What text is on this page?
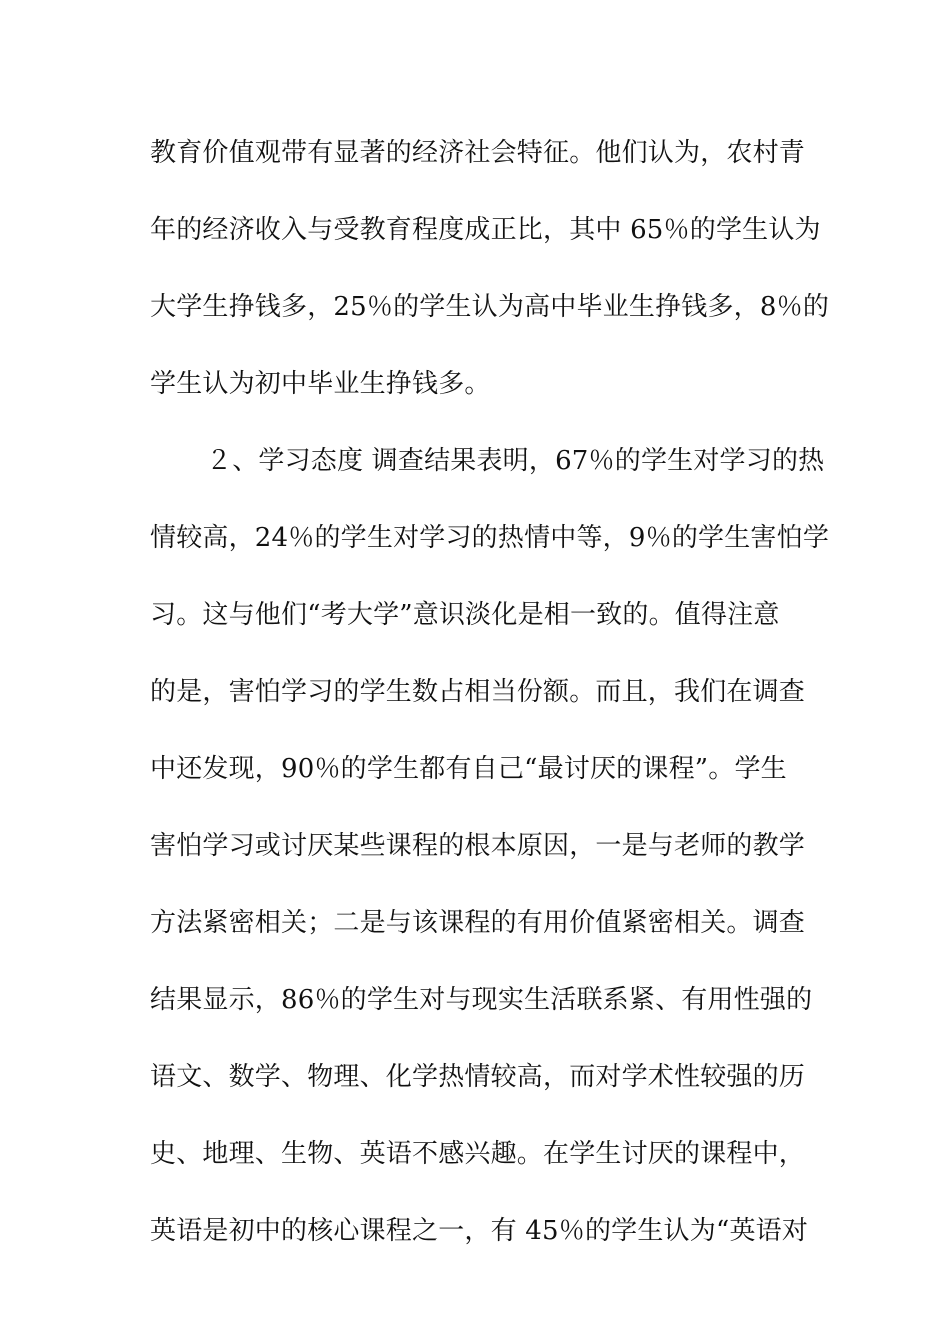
教育价值观带有显著的经济社会特征。他们认为，农村青
年的经济收入与受教育程度成正比，其中 65％的学生认为
大学生挣钱多，25％的学生认为高中毕业生挣钱多，8％的
学生认为初中毕业生挣钱多。
２、学习态度 调查结果表明，67％的学生对学习的热
情较高，24％的学生对学习的热情中等，9％的学生害怕学
习。这与他们“考大学”意识淡化是相一致的。值得注意
的是，害怕学习的学生数占相当份额。而且，我们在调查
中还发现，90％的学生都有自己“最讨厌的课程”。学生
害怕学习或讨厌某些课程的根本原因，一是与老师的教学
方法紧密相关；二是与该课程的有用价值紧密相关。调查
结果显示，86％的学生对与现实生活联系紧、有用性强的
语文、数学、物理、化学热情较高，而对学术性较强的历
史、地理、生物、英语不感兴趣。在学生讨厌的课程中，
英语是初中的核心课程之一，有 45％的学生认为“英语对
